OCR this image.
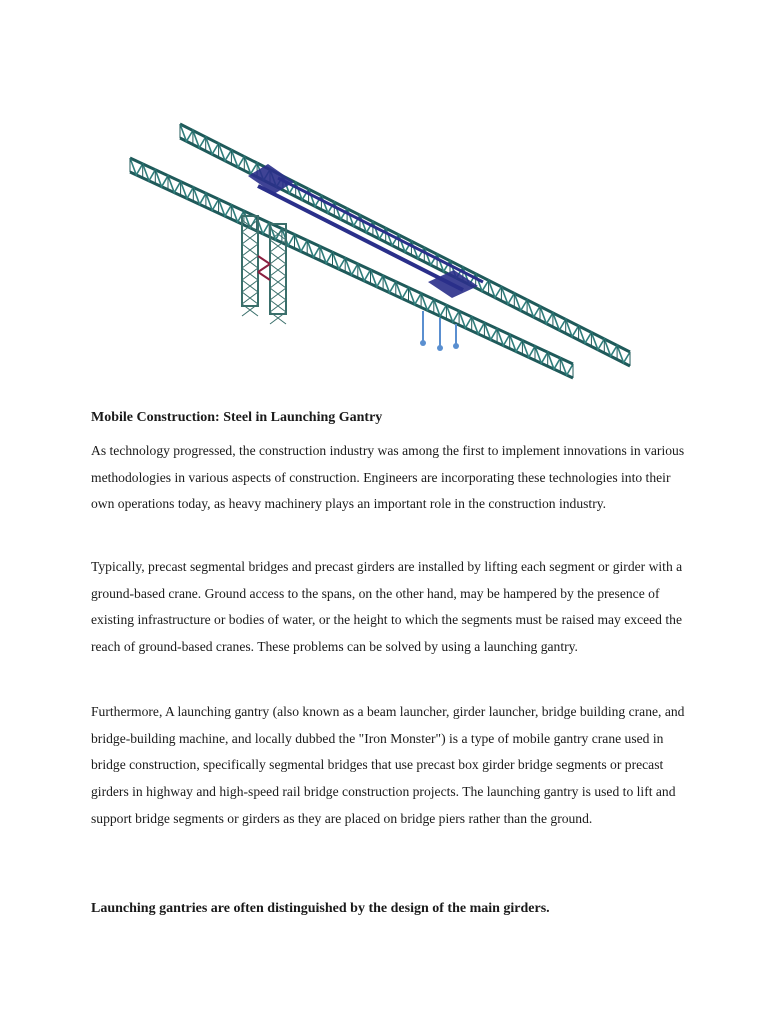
Mobile Construction: Steel in Launching Gantry

As technology progressed, the construction industry was among the first to implement innovations in various methodologies in various aspects of construction. Engineers are incorporating these technologies into their own operations today, as heavy machinery plays an important role in the construction industry.

Typically, precast segmental bridges and precast girders are installed by lifting each segment or girder with a ground-based crane. Ground access to the spans, on the other hand, may be hampered by the presence of existing infrastructure or bodies of water, or the height to which the segments must be raised may exceed the reach of ground-based cranes. These problems can be solved by using a launching gantry.

Furthermore, A launching gantry (also known as a beam launcher, girder launcher, bridge building crane, and bridge-building machine, and locally dubbed the "Iron Monster") is a type of mobile gantry crane used in bridge construction, specifically segmental bridges that use precast box girder bridge segments or precast girders in highway and high-speed rail bridge construction projects. The launching gantry is used to lift and support bridge segments or girders as they are placed on bridge piers rather than the ground.

Launching gantries are often distinguished by the design of the main girders.
